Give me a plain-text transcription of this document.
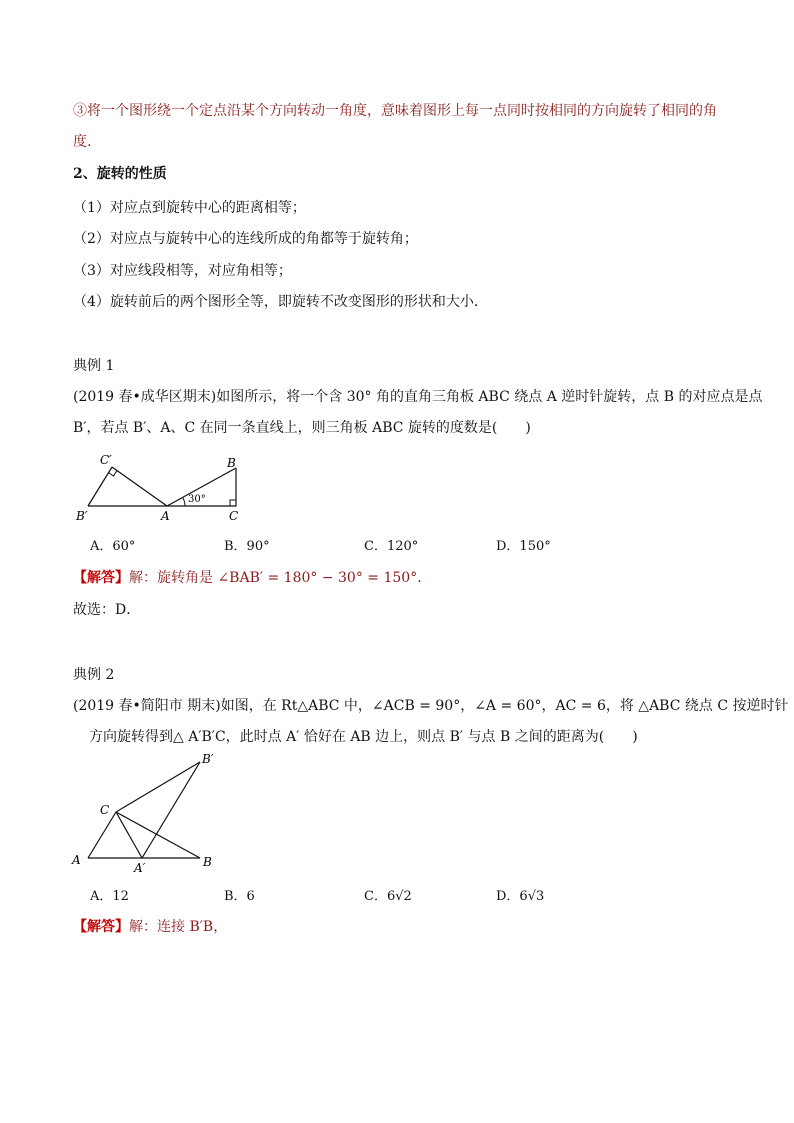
③将一个图形绕一个定点沿某个方向转动一角度，意味着图形上每一点同时按相同的方向旋转了相同的角
度.
2、旋转的性质
（1）对应点到旋转中心的距离相等；
（2）对应点与旋转中心的连线所成的角都等于旋转角；
（3）对应线段相等，对应角相等；
（4）旋转前后的两个图形全等，即旋转不改变图形的形状和大小.
典例 1
(2019 春•成华区期末)如图所示，将一个含 30° 角的直角三角板 ABC 绕点 A 逆时针旋转，点 B 的对应点是点
B′，若点 B′、A、C 在同一条直线上，则三角板 ABC 旋转的度数是(　　)
C′
B′	A
B
C
30°
A．60°	B．90°	C．120°	D．150°
【解答】解：旋转角是 ∠BAB′ = 180° − 30° = 150°．
故选：D．
典例 2
(2019 春•简阳市 期末)如图，在 Rt△ABC 中，∠ACB = 90°，∠A = 60°，AC = 6，将 △ABC 绕点 C 按逆时针
方向旋转得到△ A′B′C，此时点 A′ 恰好在 AB 边上，则点 B′ 与点 B 之间的距离为(　　)
B′
C
A
A′	B
A．12	B．6	C．6√2	D．6√3
【解答】解：连接 B′B，
